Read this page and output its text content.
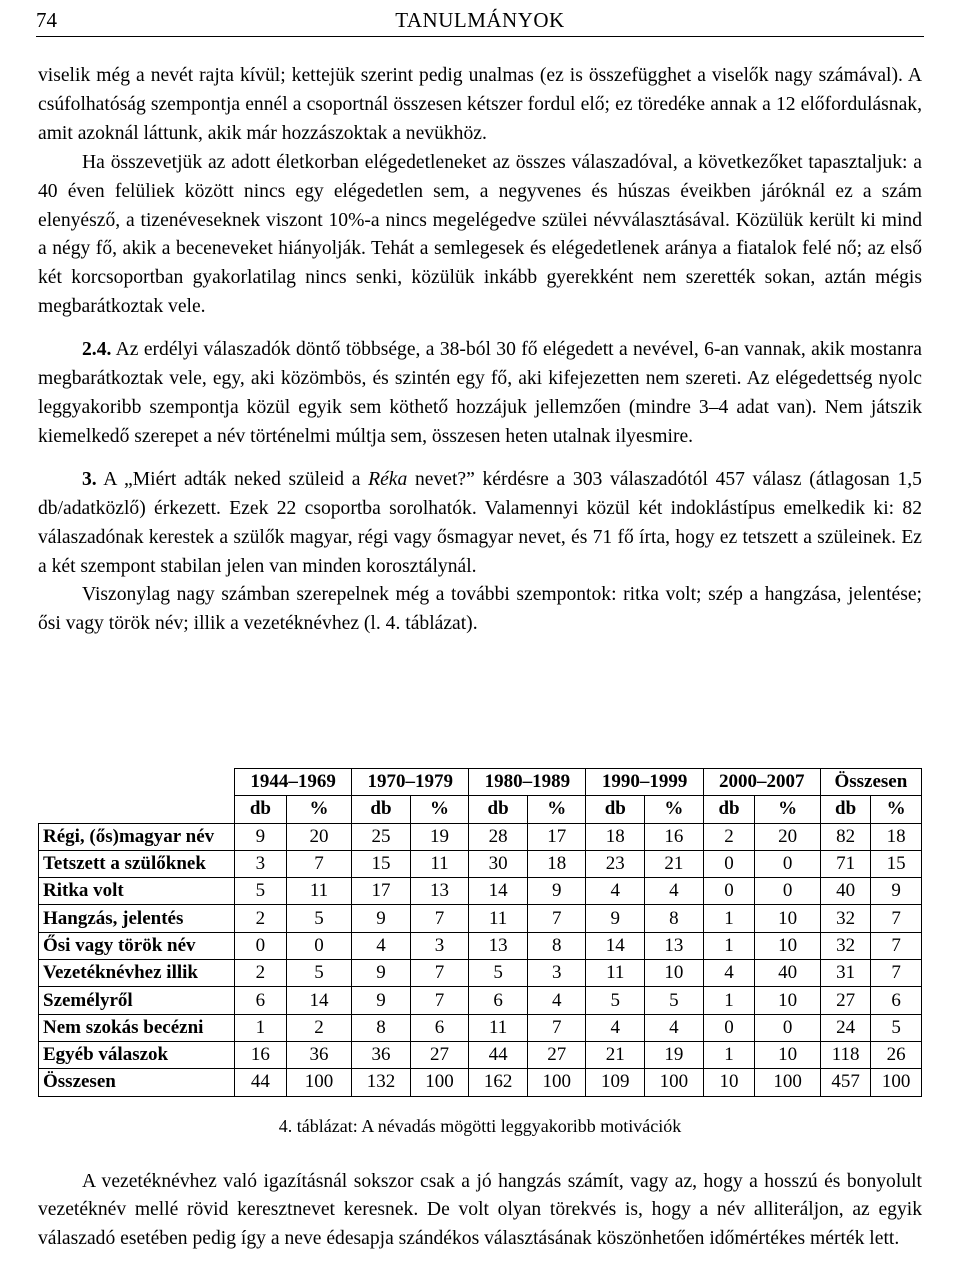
74	TANULMÁNYOK

viselik még a nevét rajta kívül; kettejük szerint pedig unalmas (ez is összefügghet a viselők nagy számával). A csúfolhatóság szempontja ennél a csoportnál összesen kétszer fordul elő; ez töredéke annak a 12 előfordulásnak, amit azoknál láttunk, akik már hozzászoktak a nevükhöz.

Ha összevetjük az adott életkorban elégedetleneket az összes válaszadóval, a következőket tapasztaljuk: a 40 éven felüliek között nincs egy elégedetlen sem, a negyvenes és húszas éveikben járóknál ez a szám elenyésző, a tizenéveseknek viszont 10%-a nincs megelégedve szülei névválasztásával. Közülük került ki mind a négy fő, akik a beceneveket hiányolják. Tehát a semlegesek és elégedetlenek aránya a fiatalok felé nő; az első két korcsoportban gyakorlatilag nincs senki, közülük inkább gyerekként nem szerették sokan, aztán mégis megbarátkoztak vele.

2.4. Az erdélyi válaszadók döntő többsége, a 38-ból 30 fő elégedett a nevével, 6-an vannak, akik mostanra megbarátkoztak vele, egy, aki közömbös, és szintén egy fő, aki kifejezetten nem szereti. Az elégedettség nyolc leggyakoribb szempontja közül egyik sem köthető hozzájuk jellemzően (mindre 3–4 adat van). Nem játszik kiemelkedő szerepet a név történelmi múltja sem, összesen heten utalnak ilyesmire.

3. A „Miért adták neked szüleid a Réka nevet?” kérdésre a 303 válaszadótól 457 válasz (átlagosan 1,5 db/adatközlő) érkezett. Ezek 22 csoportba sorolhatók. Valamennyi közül két indoklástípus emelkedik ki: 82 válaszadónak kerestek a szülők magyar, régi vagy ősmagyar nevet, és 71 fő írta, hogy ez tetszett a szüleinek. Ez a két szempont stabilan jelen van minden korosztálynál.

Viszonylag nagy számban szerepelnek még a további szempontok: ritka volt; szép a hangzása, jelentése; ősi vagy török név; illik a vezetéknévhez (l. 4. táblázat).

	1944–1969		1970–1979		1980–1989		1990–1999		2000–2007		Összesen	
	db	%	db	%	db	%	db	%	db	%	db	%
Régi, (ős)magyar név	9	20	25	19	28	17	18	16	2	20	82	18
Tetszett a szülőknek	3	7	15	11	30	18	23	21	0	0	71	15
Ritka volt	5	11	17	13	14	9	4	4	0	0	40	9
Hangzás, jelentés	2	5	9	7	11	7	9	8	1	10	32	7
Ősi vagy török név	0	0	4	3	13	8	14	13	1	10	32	7
Vezetéknévhez illik	2	5	9	7	5	3	11	10	4	40	31	7
Személyről	6	14	9	7	6	4	5	5	1	10	27	6
Nem szokás becézni	1	2	8	6	11	7	4	4	0	0	24	5
Egyéb válaszok	16	36	36	27	44	27	21	19	1	10	118	26
Összesen	44	100	132	100	162	100	109	100	10	100	457	100
4. táblázat: A névadás mögötti leggyakoribb motivációk

A vezetéknévhez való igazításnál sokszor csak a jó hangzás számít, vagy az, hogy a hosszú és bonyolult vezetéknév mellé rövid keresztnevet keresnek. De volt olyan törekvés is, hogy a név alliteráljon, az egyik válaszadó esetében pedig így a neve édesapja szándékos választásának köszönhetően időmértékes mérték lett.
